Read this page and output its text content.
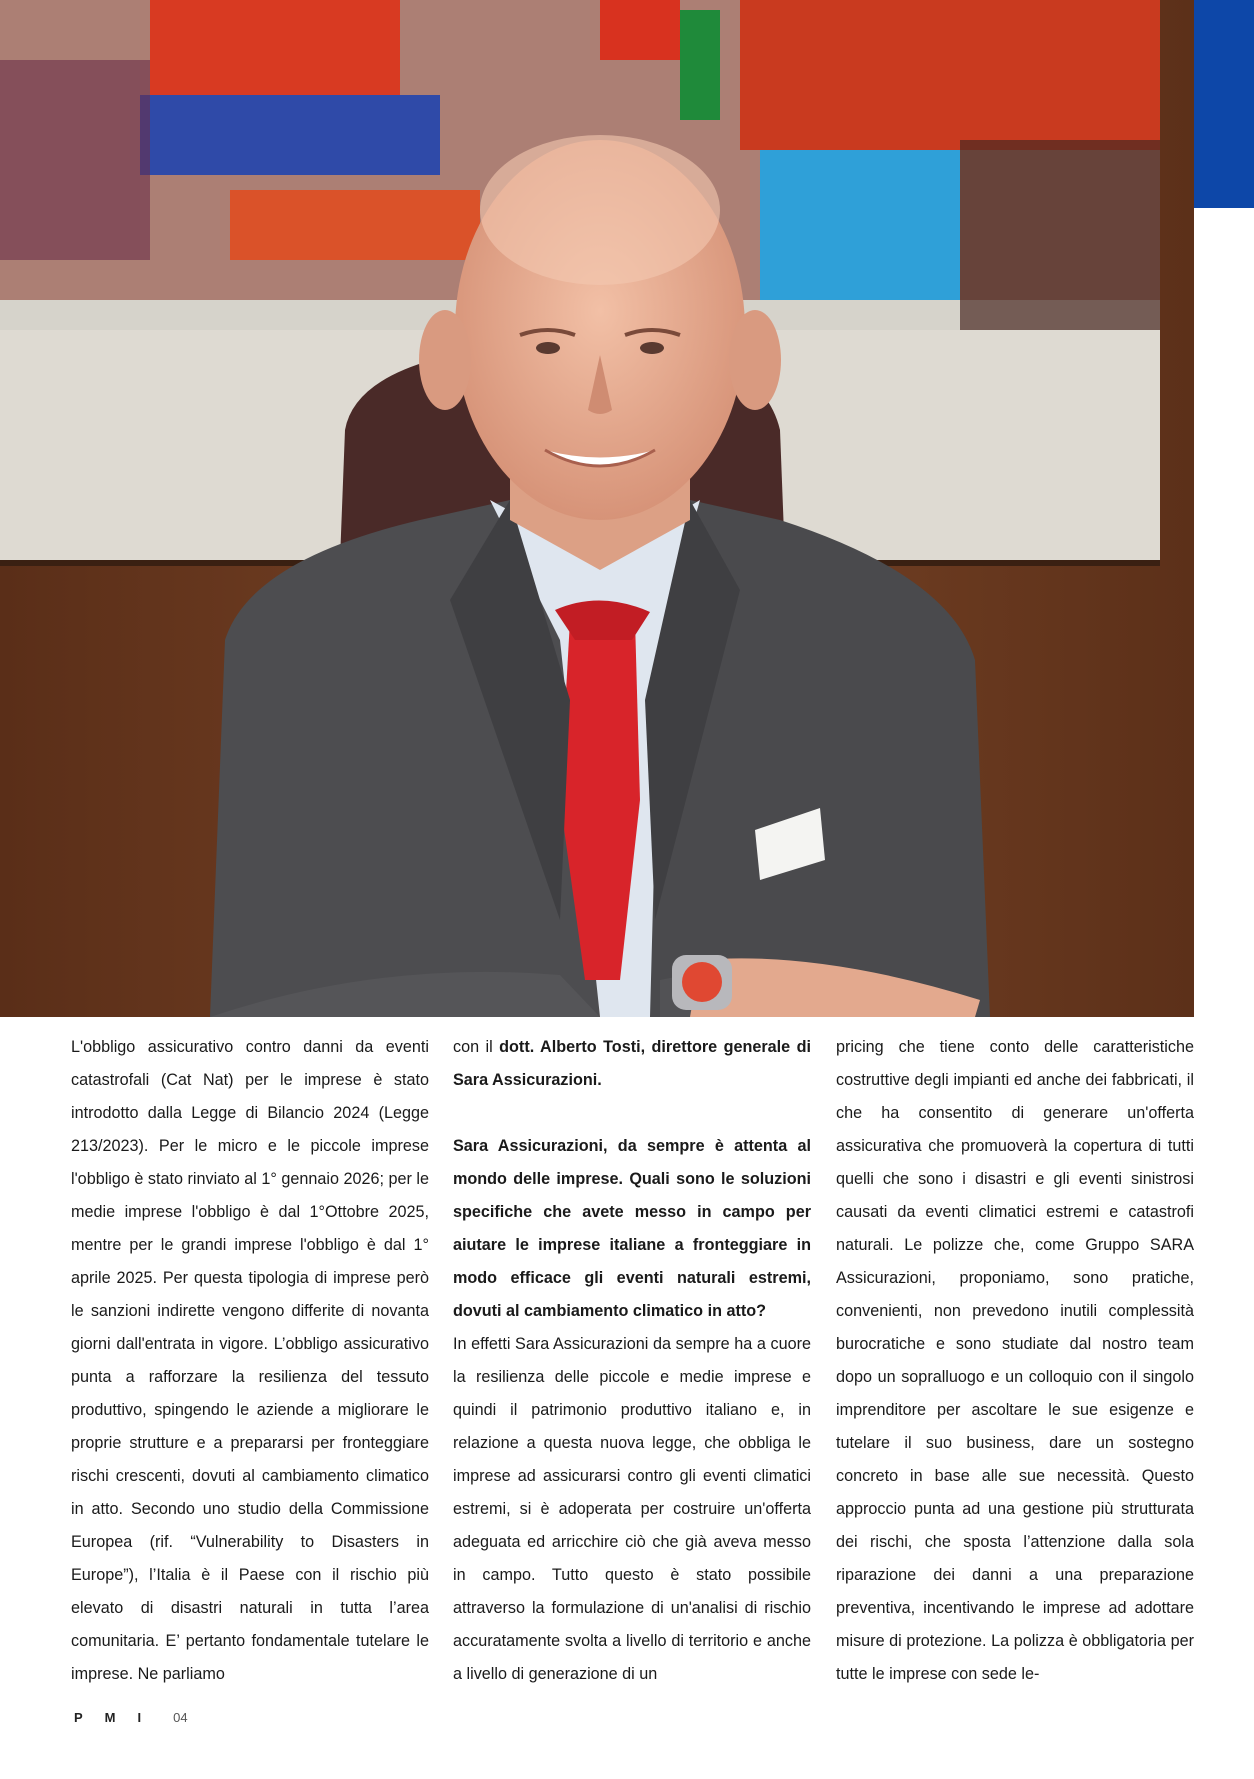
L'obbligo assicurativo contro danni da eventi catastrofali (Cat Nat) per le imprese è stato introdotto dalla Legge di Bilancio 2024 (Legge 213/2023). Per le micro e le piccole imprese l'obbligo è stato rinviato al 1° gennaio 2026; per le medie imprese l'obbligo è dal 1°Ottobre 2025, mentre per le grandi imprese l'obbligo è dal 1° aprile 2025. Per questa tipologia di imprese però le sanzioni indirette vengono differite di novanta giorni dall'entrata in vigore. L’obbligo assicurativo punta a rafforzare la resilienza del tessuto produttivo, spingendo le aziende a migliorare le proprie strutture e a prepararsi per fronteggiare rischi crescenti, dovuti al cambiamento climatico in atto. Secondo uno studio della Commissione Europea (rif. “Vulnerability to Disasters in Europe”), l’Italia è il Paese con il rischio più elevato di disastri naturali in tutta l’area comunitaria. E’ pertanto fondamentale tutelare le imprese. Ne parliamo

con il dott. Alberto Tosti, direttore generale di Sara Assicurazioni.

Sara Assicurazioni, da sempre è attenta al mondo delle imprese. Quali sono le soluzioni specifiche che avete messo in campo per aiutare le imprese italiane a fronteggiare in modo efficace gli eventi naturali estremi, dovuti al cambiamento climatico in atto?

In effetti Sara Assicurazioni da sempre ha a cuore la resilienza delle piccole e medie imprese e quindi il patrimonio produttivo italiano e, in relazione a questa nuova legge, che obbliga le imprese ad assicurarsi contro gli eventi climatici estremi, si è adoperata per costruire un'offerta adeguata ed arricchire ciò che già aveva messo in campo. Tutto questo è stato possibile attraverso la formulazione di un'analisi di rischio accuratamente svolta a livello di territorio e anche a livello di generazione di un

pricing che tiene conto delle caratteristiche costruttive degli impianti ed anche dei fabbricati, il che ha consentito di generare un'offerta assicurativa che promuoverà la copertura di tutti quelli che sono i disastri e gli eventi sinistrosi causati da eventi climatici estremi e catastrofi naturali. Le polizze che, come Gruppo SARA Assicurazioni, proponiamo, sono pratiche, convenienti, non prevedono inutili complessità burocratiche e sono studiate dal nostro team dopo un sopralluogo e un colloquio con il singolo imprenditore per ascoltare le sue esigenze e tutelare il suo business, dare un sostegno concreto in base alle sue necessità. Questo approccio punta ad una gestione più strutturata dei rischi, che sposta l’attenzione dalla sola riparazione dei danni a una preparazione preventiva, incentivando le imprese ad adottare misure di protezione. La polizza è obbligatoria per tutte le imprese con sede le-

PMI 04
